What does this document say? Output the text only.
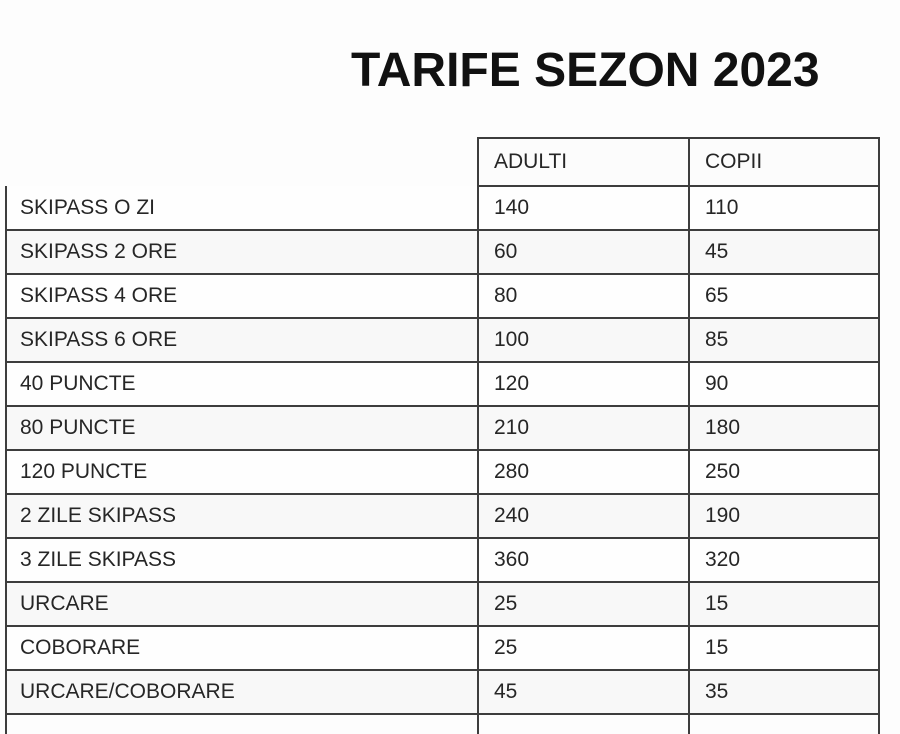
TARIFE SEZON 2023
	ADULTI	COPII
SKIPASS O ZI	140	110
SKIPASS 2 ORE	60	45
SKIPASS 4 ORE	80	65
SKIPASS 6 ORE	100	85
40 PUNCTE	120	90
80 PUNCTE	210	180
120 PUNCTE	280	250
2 ZILE SKIPASS	240	190
3 ZILE SKIPASS	360	320
URCARE	25	15
COBORARE	25	15
URCARE/COBORARE	45	35
